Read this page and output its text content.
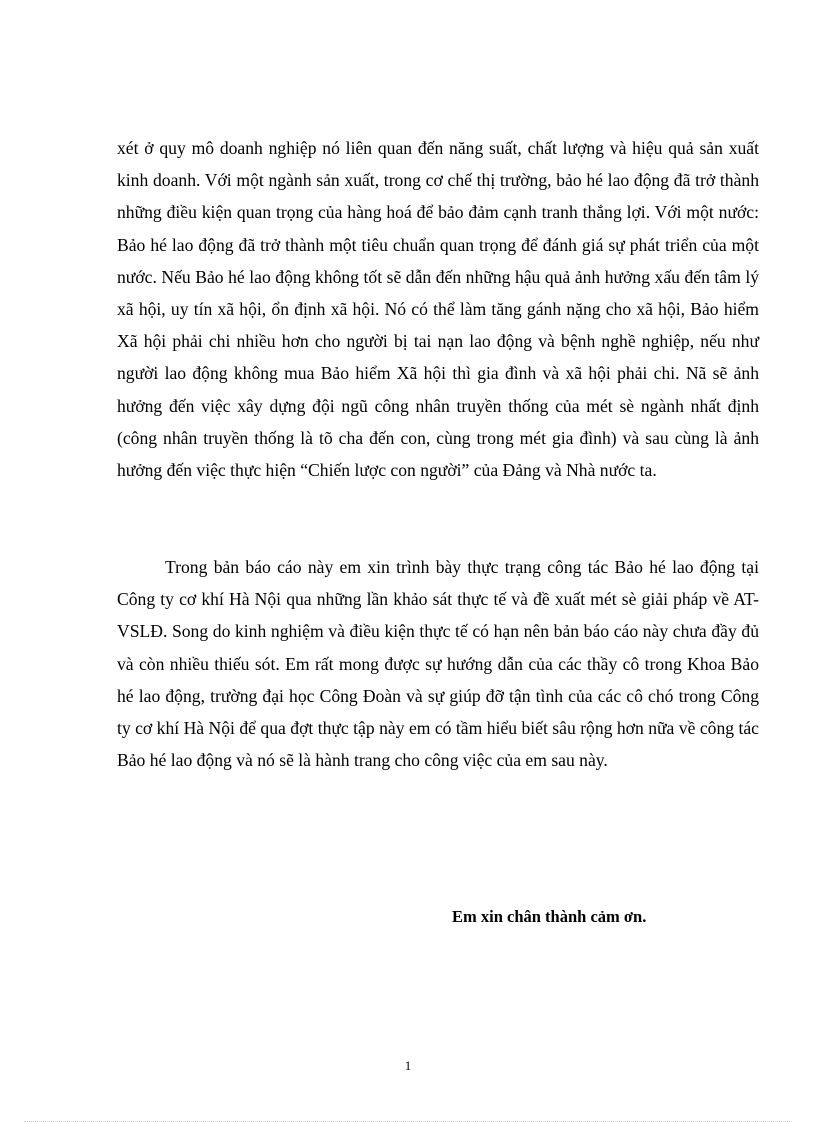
xét ở quy mô doanh nghiệp nó liên quan đến năng suất, chất lượng và hiệu quả sản xuất kinh doanh. Với một ngành sản xuất, trong cơ chế thị trường, bảo hé lao động đã trở thành những điều kiện quan trọng của hàng hoá để bảo đảm cạnh tranh thắng lợi. Với một nước: Bảo hé lao động đã trở thành một tiêu chuẩn quan trọng để đánh giá sự phát triển của một nước. Nếu Bảo hé lao động không tốt sẽ dẫn đến những hậu quả ảnh hưởng xấu đến tâm lý xã hội, uy tín xã hội, ổn định xã hội. Nó có thể làm tăng gánh nặng cho xã hội, Bảo hiểm Xã hội phải chi nhiều hơn cho người bị tai nạn lao động và bệnh nghề nghiệp, nếu như người lao động không mua Bảo hiểm Xã hội thì gia đình và xã hội phải chi. Nã sẽ ảnh hưởng đến việc xây dựng đội ngũ công nhân truyền thống của mét sè ngành nhất định (công nhân truyền thống là tõ cha đến con, cùng trong mét gia đình) và sau cùng là ảnh hưởng đến việc thực hiện “Chiến lược con người” của Đảng và Nhà nước ta.

Trong bản báo cáo này em xin trình bày thực trạng công tác Bảo hé lao động tại Công ty cơ khí Hà Nội qua những lần khảo sát thực tế và đề xuất mét sè giải pháp về AT-VSLĐ. Song do kinh nghiệm và điều kiện thực tế có hạn nên bản báo cáo này chưa đầy đủ và còn nhiều thiếu sót. Em rất mong được sự hướng dẫn của các thầy cô trong Khoa Bảo hé lao động, trường đại học Công Đoàn và sự giúp đỡ tận tình của các cô chó trong Công ty cơ khí Hà Nội để qua đợt thực tập này em có tầm hiểu biết sâu rộng hơn nữa về công tác Bảo hé lao động và nó sẽ là hành trang cho công việc của em sau này.

Em xin chân thành cảm ơn.

1
